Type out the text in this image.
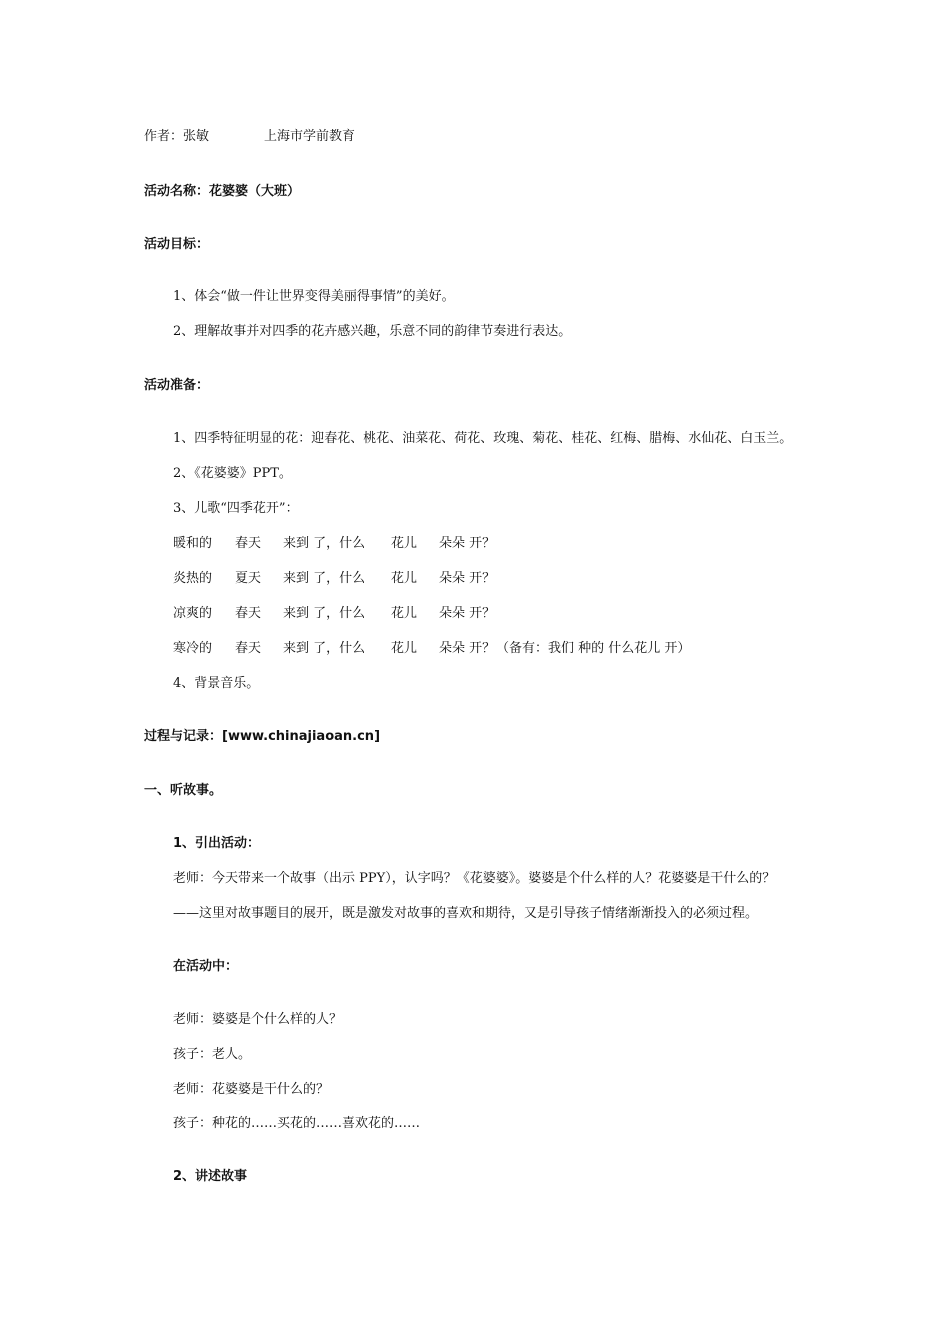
作者：张敏	上海市学前教育
活动名称：花婆婆（大班）
活动目标：
1、体会“做一件让世界变得美丽得事情”的美好。
2、理解故事并对四季的花卉感兴趣，乐意不同的韵律节奏进行表达。
活动准备：
1、四季特征明显的花：迎春花、桃花、油菜花、荷花、玫瑰、菊花、桂花、红梅、腊梅、水仙花、白玉兰。
2、《花婆婆》PPT。
3、儿歌“四季花开”：
暖和的 春天 来到 了，什么 花儿 朵朵 开？
炎热的 夏天 来到 了，什么 花儿 朵朵 开？
凉爽的 春天 来到 了，什么 花儿 朵朵 开？
寒冷的 春天 来到 了，什么 花儿 朵朵 开？ （备有：我们 种的 什么花儿 开）
4、背景音乐。
过程与记录：[www.chinajiaoan.cn]
一、听故事。
1、引出活动：
老师：今天带来一个故事（出示 PPY），认字吗？《花婆婆》。婆婆是个什么样的人？花婆婆是干什么的？
——这里对故事题目的展开，既是激发对故事的喜欢和期待，又是引导孩子情绪渐渐投入的必须过程。
在活动中：
老师：婆婆是个什么样的人？
孩子：老人。
老师：花婆婆是干什么的？
孩子：种花的……买花的……喜欢花的……
2、讲述故事
